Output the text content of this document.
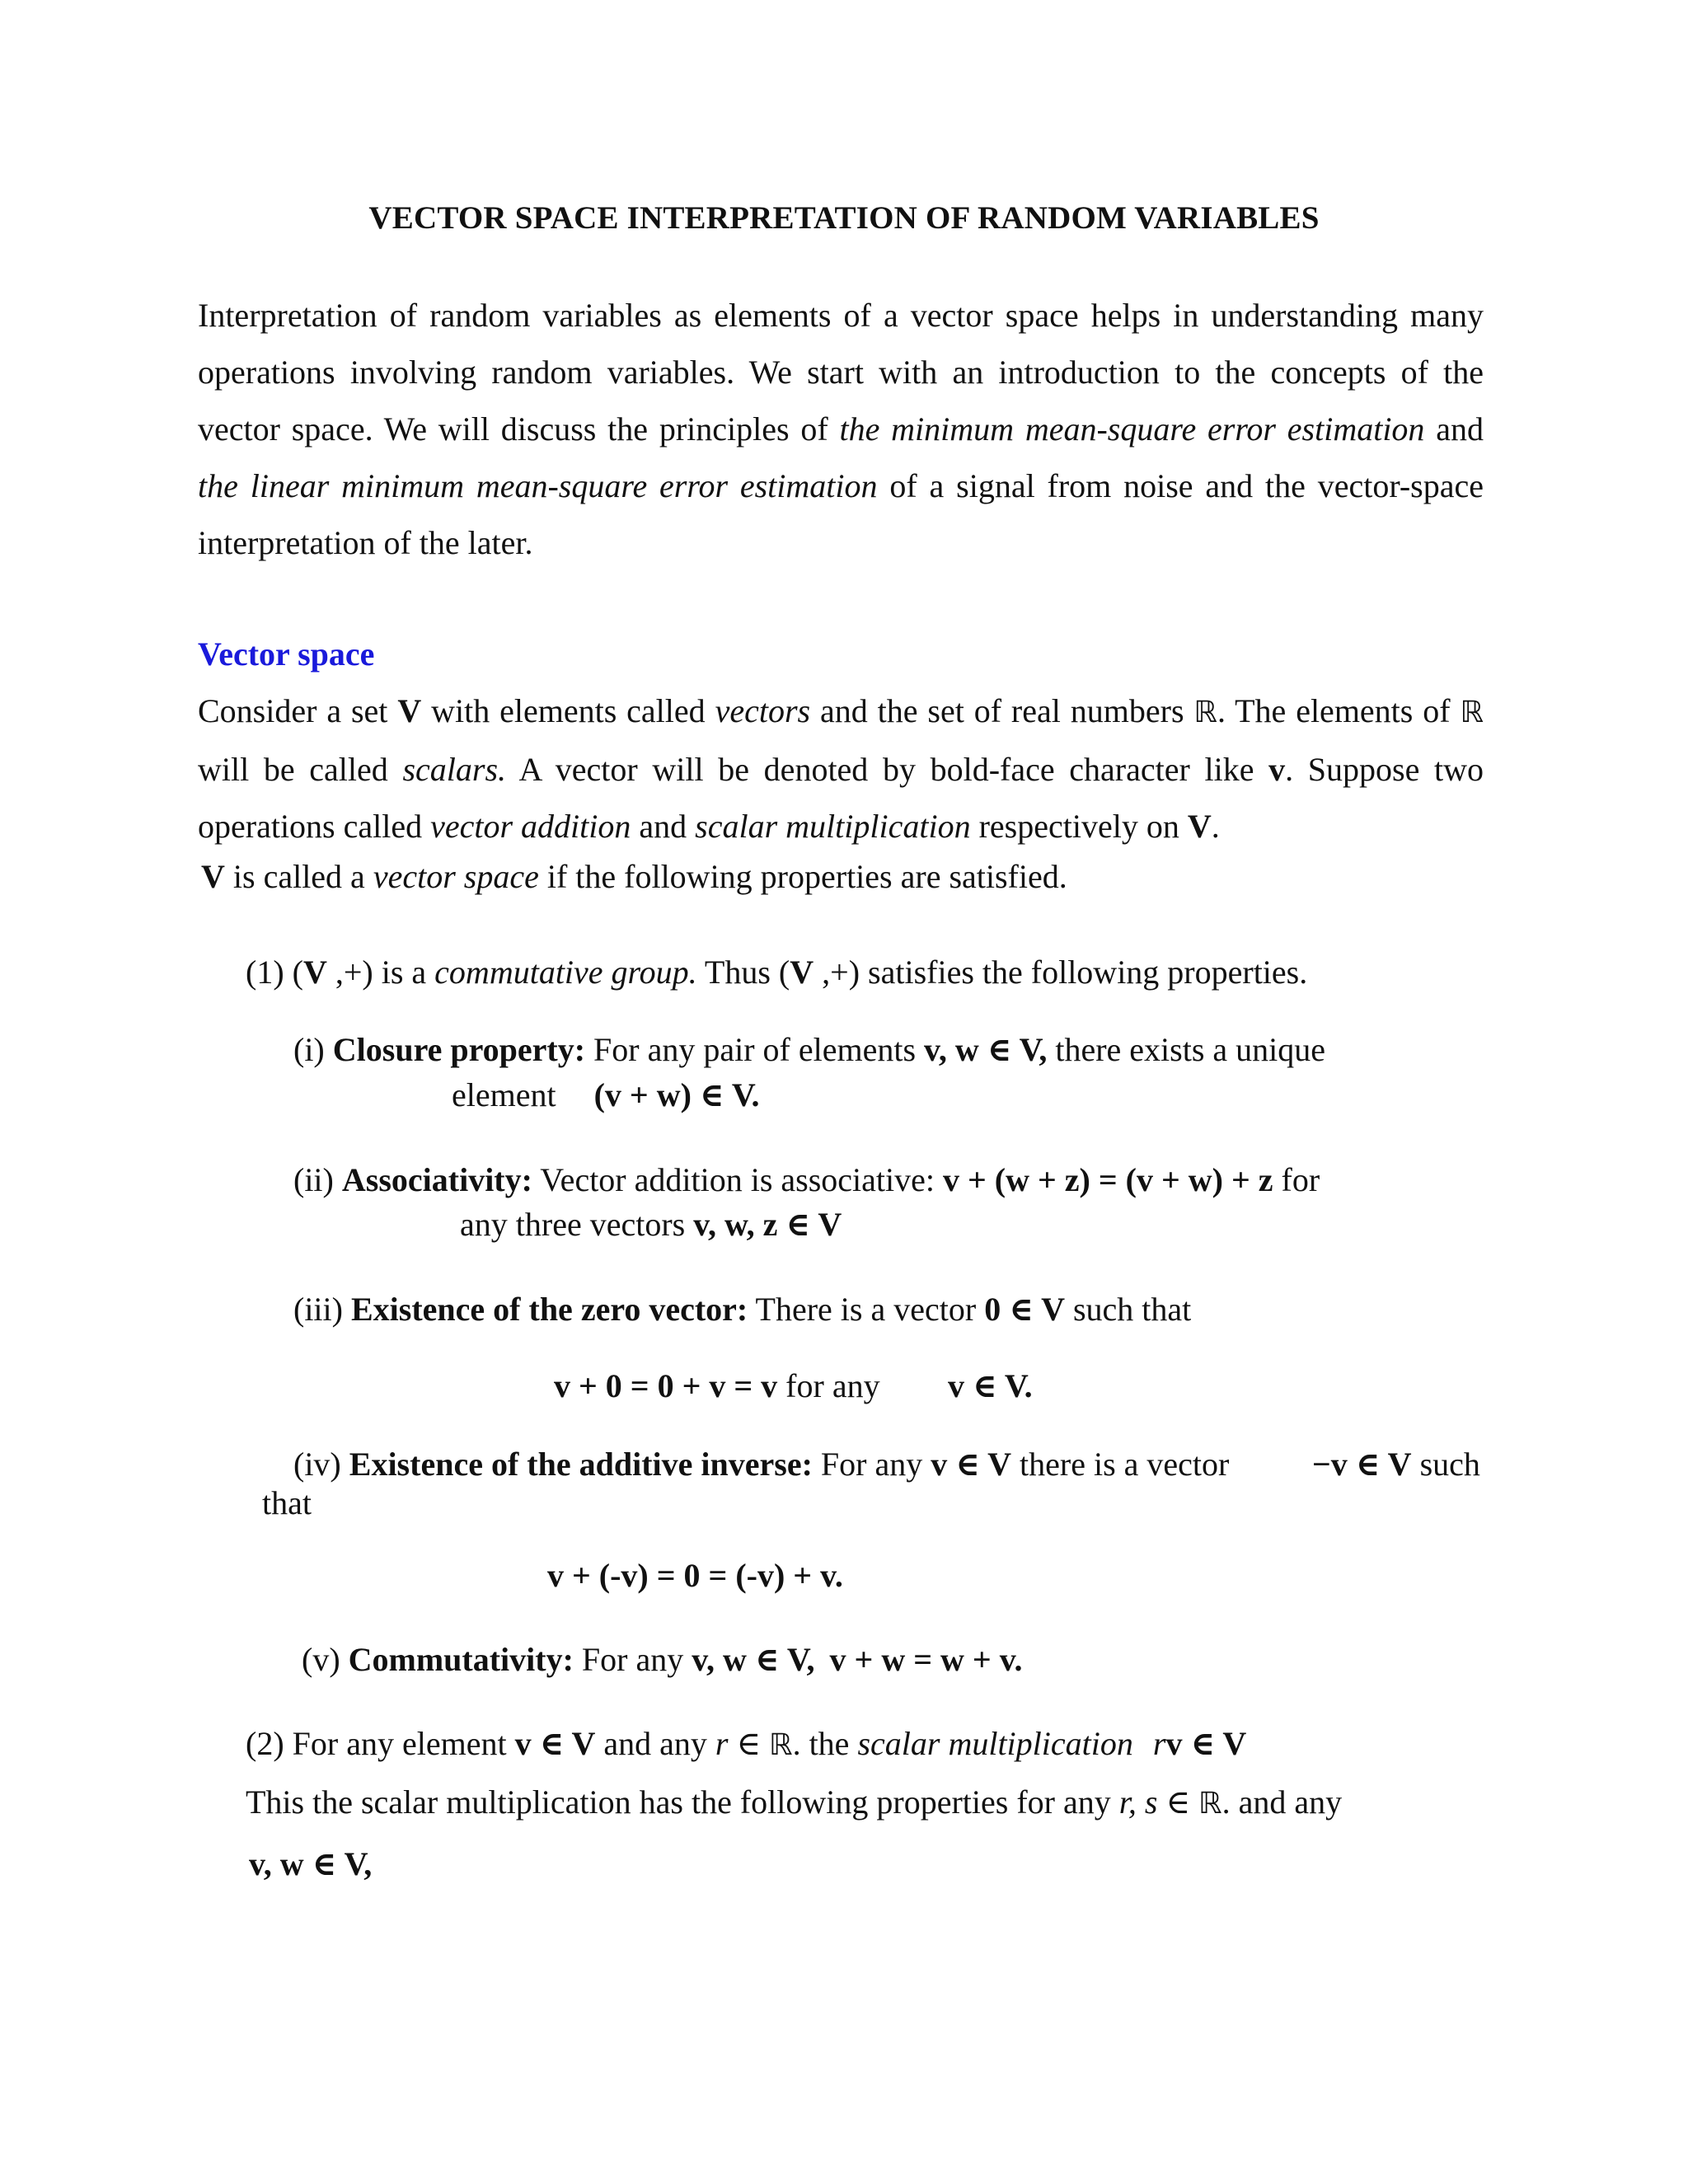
VECTOR SPACE INTERPRETATION OF RANDOM VARIABLES
Interpretation of random variables as elements of a vector space helps in understanding many operations involving random variables. We start with an introduction to the concepts of the vector space. We will discuss the principles of the minimum mean-square error estimation and the linear minimum mean-square error estimation of a signal from noise and the vector-space interpretation of the later.
Vector space
Consider a set V with elements called vectors and the set of real numbers ℝ. The elements of ℝ will be called scalars. A vector will be denoted by bold-face character like v. Suppose two operations called vector addition and scalar multiplication respectively on V.
V is called a vector space if the following properties are satisfied.
(1) (V ,+) is a commutative group. Thus (V ,+) satisfies the following properties.
(i) Closure property: For any pair of elements v, w ∈ V, there exists a unique
element (v + w) ∈ V.
(ii) Associativity: Vector addition is associative: v + (w + z) = (v + w) + z for
any three vectors v, w, z ∈ V
(iii) Existence of the zero vector: There is a vector 0 ∈ V such that
v + 0 = 0 + v = v for any v ∈ V.
(iv) Existence of the additive inverse: For any v ∈ V there is a vector	−v ∈ V such
that
v + (-v) = 0 = (-v) + v.
(v) Commutativity: For any v, w ∈ V, v + w = w + v.
(2) For any element v ∈ V and any r ∈ ℝ. the scalar multiplication rv ∈ V
This the scalar multiplication has the following properties for any r, s ∈ ℝ. and any
v, w ∈ V,
